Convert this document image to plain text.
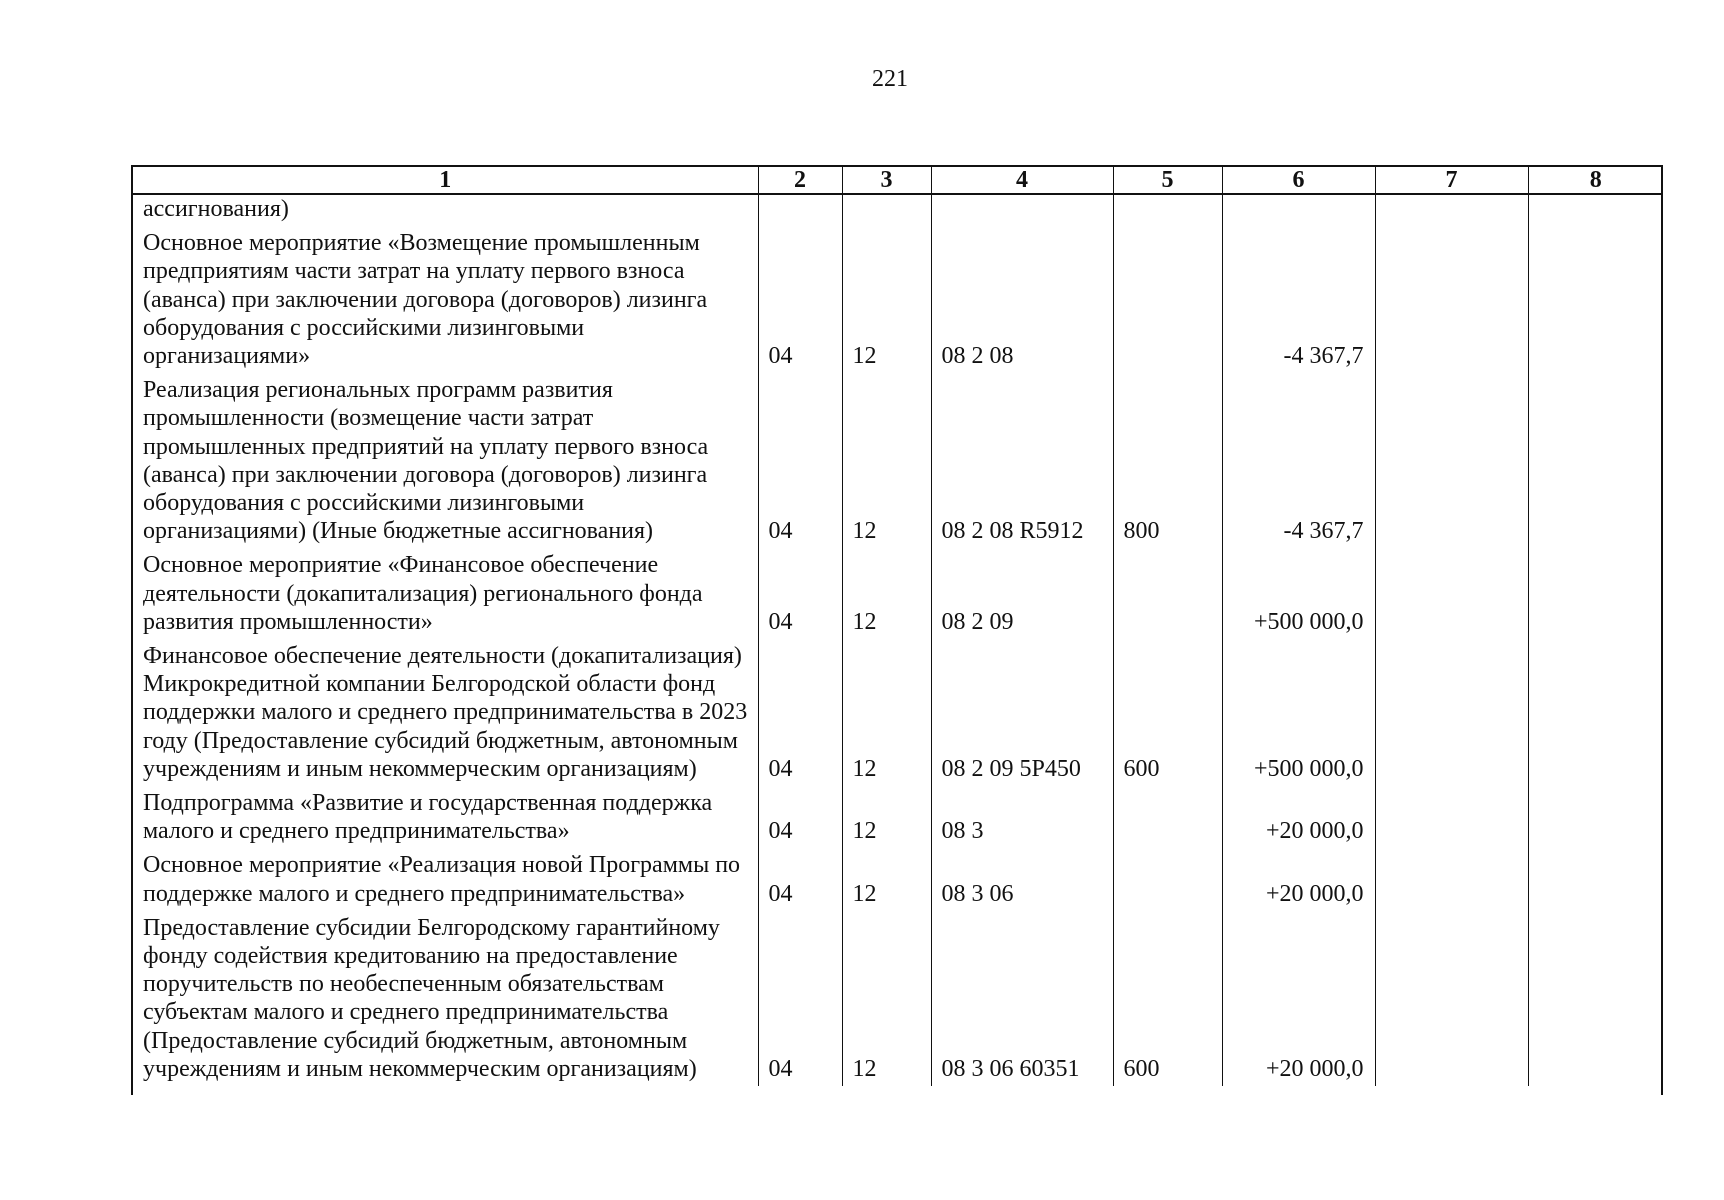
221
1	2	3	4	5	6	7	8
ассигнования)							
Основное мероприятие «Возмещение промышленным предприятиям части затрат на уплату первого взноса (аванса) при заключении договора (договоров) лизинга оборудования с российскими лизинговыми организациями»	04	12	08 2 08		-4 367,7		
Реализация региональных программ развития промышленности (возмещение части затрат промышленных предприятий на уплату первого взноса (аванса) при заключении договора (договоров) лизинга оборудования с российскими лизинговыми организациями) (Иные бюджетные ассигнования)	04	12	08 2 08 R5912	800	-4 367,7		
Основное мероприятие «Финансовое обеспечение деятельности (докапитализация) регионального фонда развития промышленности»	04	12	08 2 09		+500 000,0		
Финансовое обеспечение деятельности (докапитализация) Микрокредитной компании Белгородской области фонд поддержки малого и среднего предпринимательства в 2023 году (Предоставление субсидий бюджетным, автономным учреждениям и иным некоммерческим организациям)	04	12	08 2 09 5Р450	600	+500 000,0		
Подпрограмма «Развитие и государственная поддержка малого и среднего предпринимательства»	04	12	08 3		+20 000,0		
Основное мероприятие «Реализация новой Программы по поддержке малого и среднего предпринимательства»	04	12	08 3 06		+20 000,0		
Предоставление субсидии Белгородскому гарантийному фонду содействия кредитованию на предоставление поручительств по необеспеченным обязательствам субъектам малого и среднего предпринимательства (Предоставление субсидий бюджетным, автономным учреждениям и иным некоммерческим организациям)	04	12	08 3 06 60351	600	+20 000,0		
